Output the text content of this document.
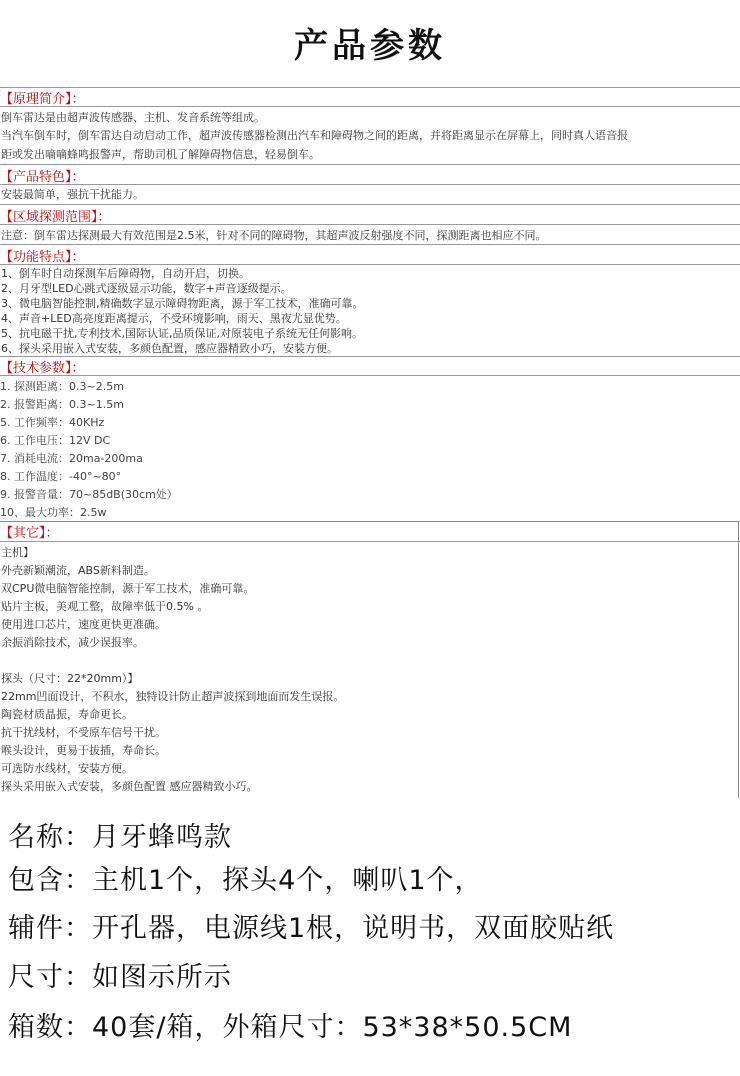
产品参数
【原理简介】：
倒车雷达是由超声波传感器、主机、发音系统等组成。
当汽车倒车时，倒车雷达自动启动工作，超声波传感器检测出汽车和障碍物之间的距离，并将距离显示在屏幕上，同时真人语音报
距或发出嘀嘀蜂鸣报警声，帮助司机了解障碍物信息，轻易倒车。
【产品特色】：
安装最简单，强抗干扰能力。
【区域探测范围】：
注意：倒车雷达探测最大有效范围是2.5米，针对不同的障碍物，其超声波反射强度不同，探测距离也相应不同。
【功能特点】：
1、倒车时自动探测车后障碍物，自动开启，切换。
2、月牙型LED心跳式逐级显示功能，数字+声音逐级提示。
3、微电脑智能控制,精确数字显示障碍物距离，源于军工技术，准确可靠。
4、声音+LED高亮度距离提示，不受环境影响，雨天、黑夜尤显优势。
5、抗电磁干扰,专利技术,国际认证,品质保证,对原装电子系统无任何影响。
6、探头采用嵌入式安装，多颜色配置，感应器精致小巧，安装方便。
【技术参数】：
1. 探测距离：0.3~2.5m
2. 报警距离：0.3~1.5m
5. 工作频率：40KHz
6. 工作电压：12V DC
7. 消耗电流：20ma-200ma
8. 工作温度：-40°~80°
9. 报警音量：70~85dB(30cm处）
10、最大功率：2.5w
【其它】：
主机】
外壳新颖潮流，ABS新料制造。
双CPU微电脑智能控制，源于军工技术，准确可靠。
贴片主板，美观工整，故障率低于0.5% 。
使用进口芯片，速度更快更准确。
余振消除技术，减少误报率。
探头（尺寸：22*20mm）】
22mm凹面设计，不积水，独特设计防止超声波探到地面而发生误报。
陶瓷材质晶振，寿命更长。
抗干扰线材，不受原车信号干扰。
喉头设计，更易于拔插，寿命长。
可选防水线材，安装方便。
探头采用嵌入式安装，多颜色配置 感应器精致小巧。
名称：月牙蜂鸣款
包含：主机1个，探头4个，喇叭1个，
辅件：开孔器，电源线1根，说明书，双面胶贴纸
尺寸：如图示所示
箱数：40套/箱，外箱尺寸：53*38*50.5CM
